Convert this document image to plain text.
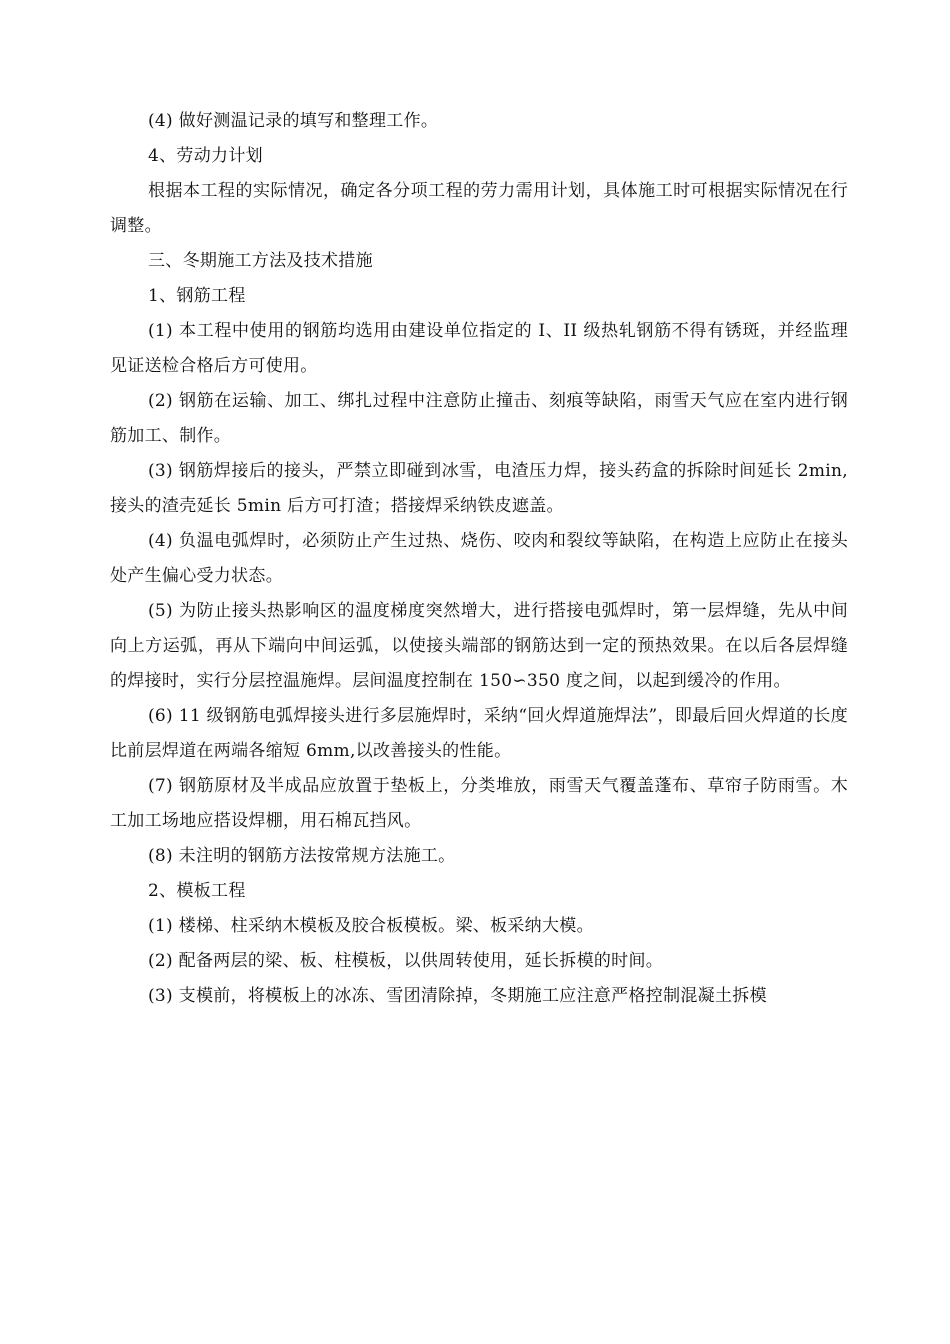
(4) 做好测温记录的填写和整理工作。

4、劳动力计划

根据本工程的实际情况，确定各分项工程的劳力需用计划，具体施工时可根据实际情况在行调整。

三、冬期施工方法及技术措施

1、钢筋工程

(1) 本工程中使用的钢筋均选用由建设单位指定的 I、II 级热轧钢筋不得有锈斑，并经监理见证送检合格后方可使用。

(2) 钢筋在运输、加工、绑扎过程中注意防止撞击、刻痕等缺陷，雨雪天气应在室内进行钢筋加工、制作。

(3) 钢筋焊接后的接头，严禁立即碰到冰雪，电渣压力焊，接头药盒的拆除时间延长 2min,接头的渣壳延长 5min 后方可打渣；搭接焊采纳铁皮遮盖。

(4) 负温电弧焊时，必须防止产生过热、烧伤、咬肉和裂纹等缺陷，在构造上应防止在接头处产生偏心受力状态。

(5) 为防止接头热影响区的温度梯度突然增大，进行搭接电弧焊时，第一层焊缝，先从中间向上方运弧，再从下端向中间运弧，以使接头端部的钢筋达到一定的预热效果。在以后各层焊缝的焊接时，实行分层控温施焊。层间温度控制在 150∽350 度之间，以起到缓冷的作用。

(6) 11 级钢筋电弧焊接头进行多层施焊时，采纳“回火焊道施焊法”，即最后回火焊道的长度比前层焊道在两端各缩短 6mm,以改善接头的性能。

(7) 钢筋原材及半成品应放置于垫板上，分类堆放，雨雪天气覆盖蓬布、草帘子防雨雪。木工加工场地应搭设焊棚，用石棉瓦挡风。

(8) 未注明的钢筋方法按常规方法施工。

2、模板工程

(1) 楼梯、柱采纳木模板及胶合板模板。梁、板采纳大模。

(2) 配备两层的梁、板、柱模板，以供周转使用，延长拆模的时间。

(3) 支模前，将模板上的冰冻、雪团清除掉，冬期施工应注意严格控制混凝土拆模
